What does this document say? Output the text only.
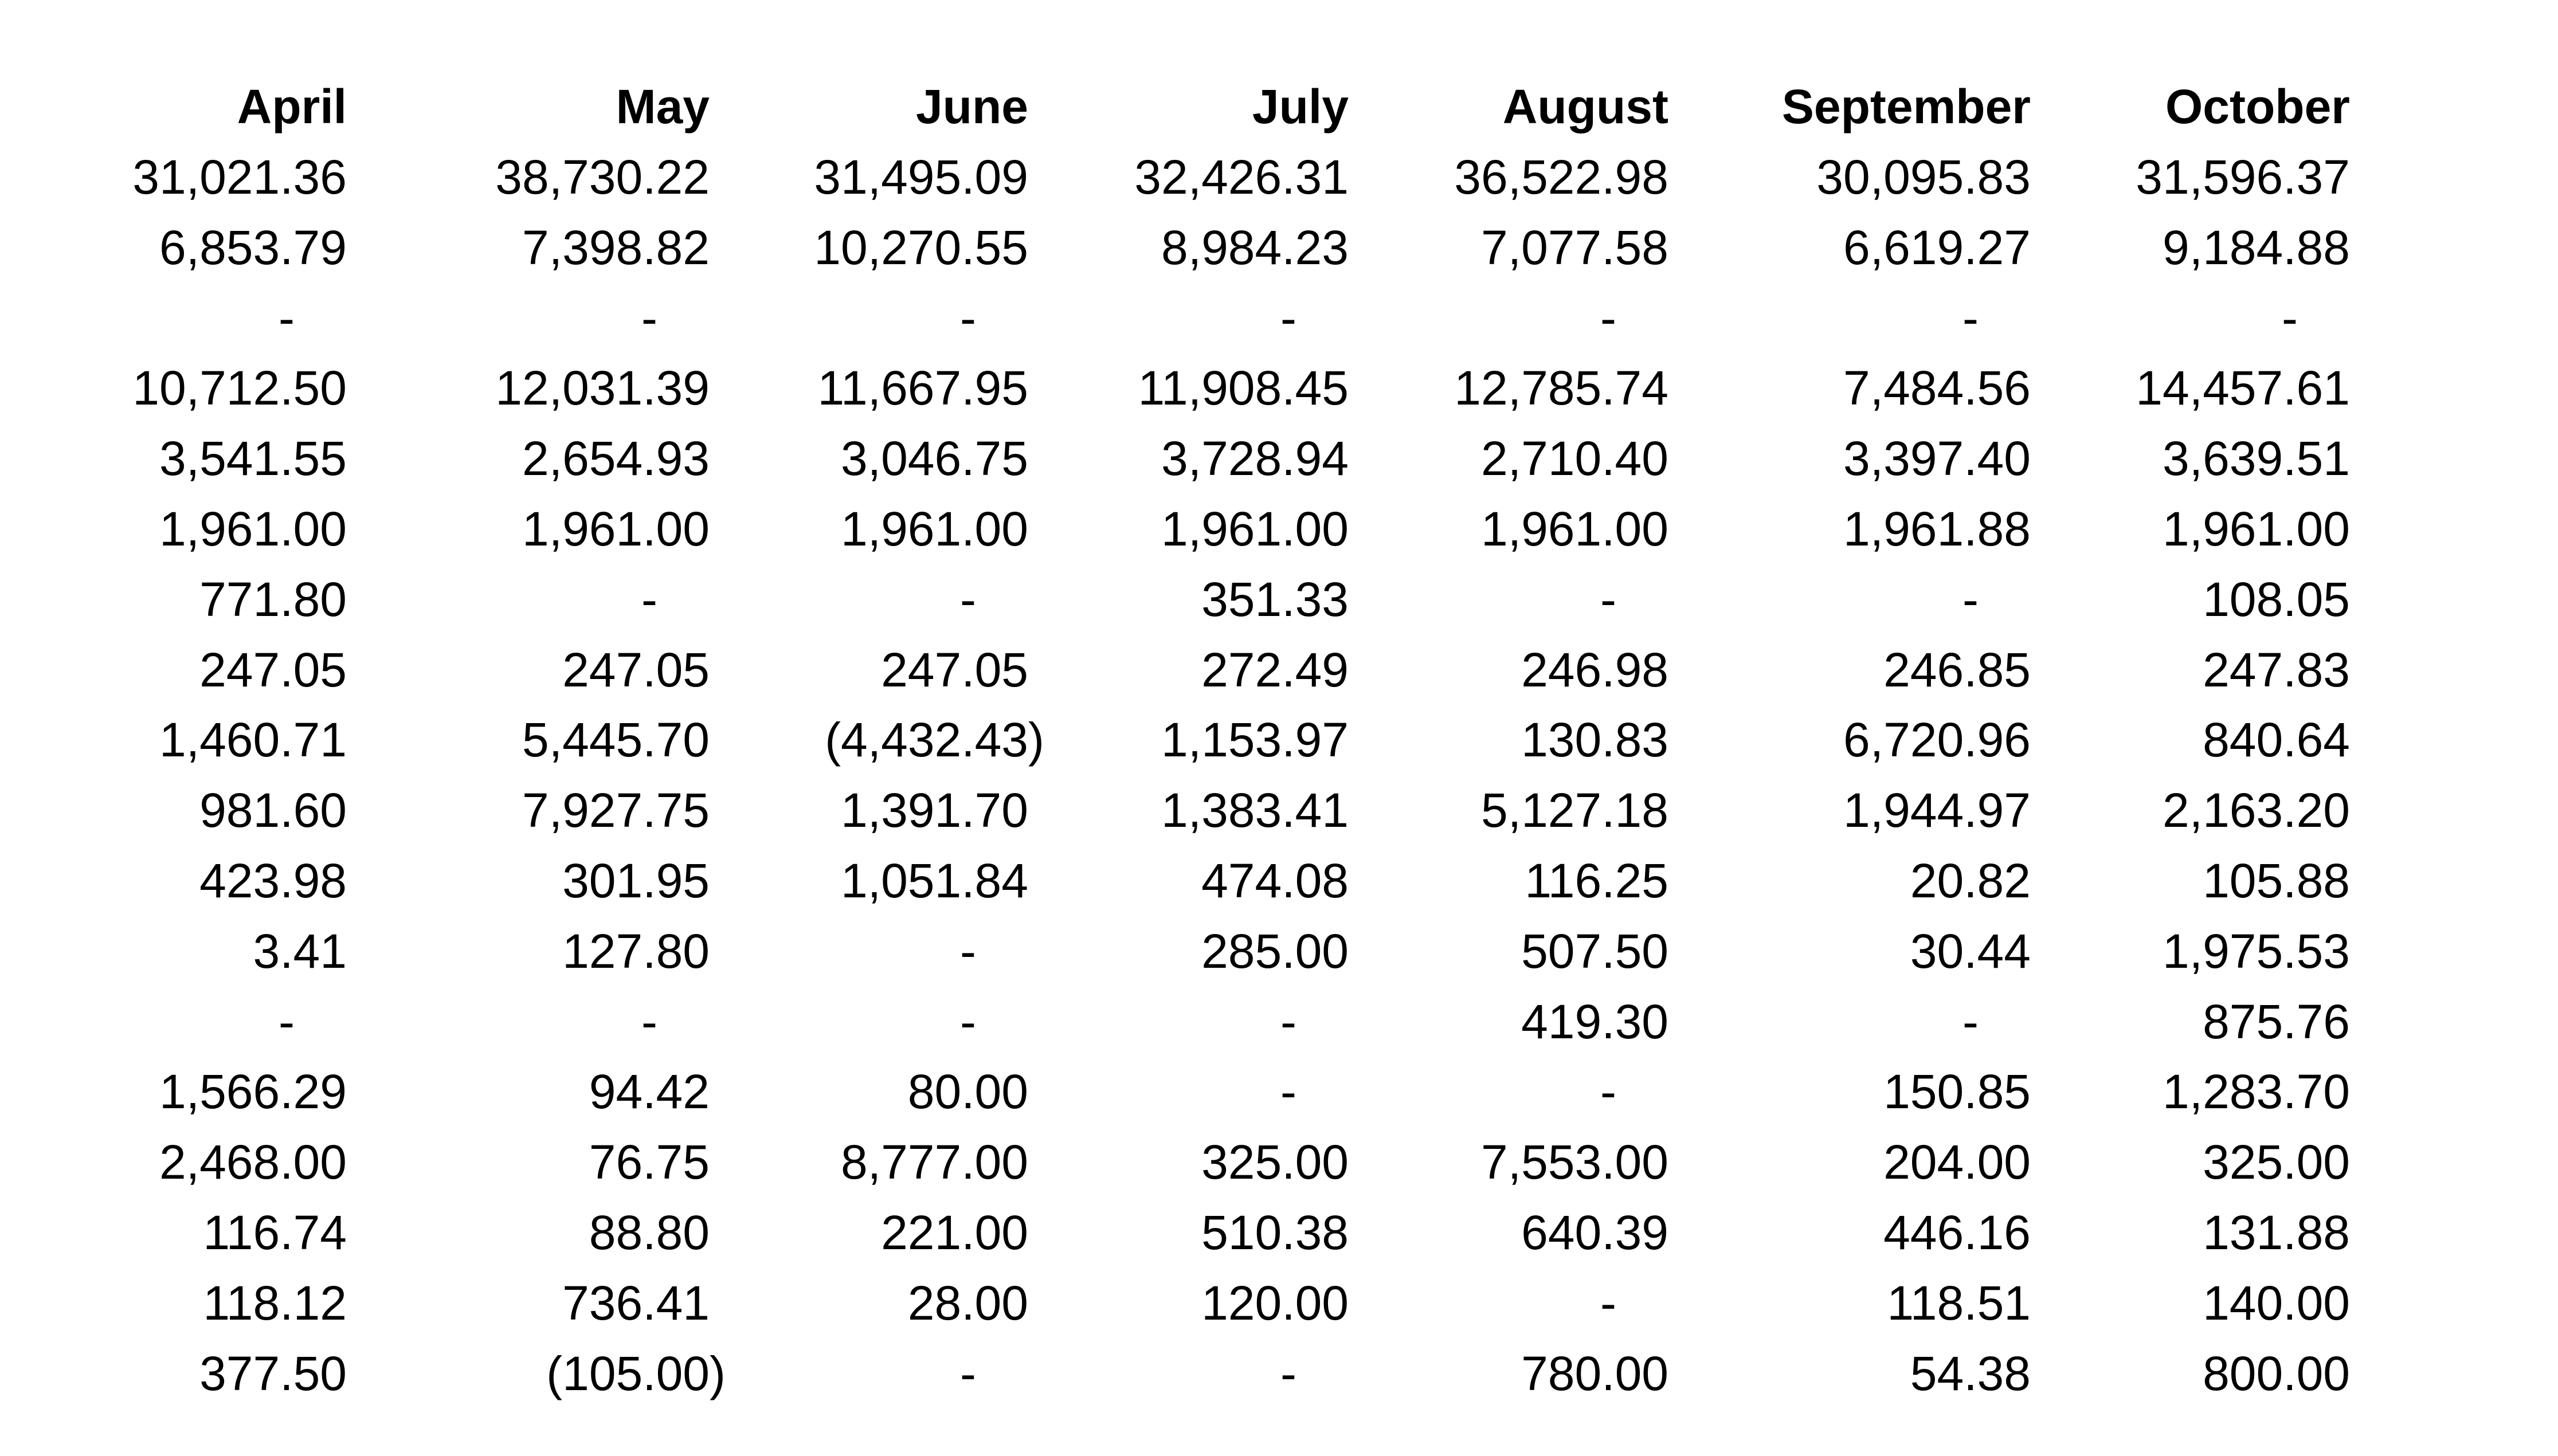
April	May	June	July	August	September	October
31,021.36	38,730.22	31,495.09	32,426.31	36,522.98	30,095.83	31,596.37
6,853.79	7,398.82	10,270.55	8,984.23	7,077.58	6,619.27	9,184.88
-	-	-	-	-	-	-
10,712.50	12,031.39	11,667.95	11,908.45	12,785.74	7,484.56	14,457.61
3,541.55	2,654.93	3,046.75	3,728.94	2,710.40	3,397.40	3,639.51
1,961.00	1,961.00	1,961.00	1,961.00	1,961.00	1,961.88	1,961.00
771.80	-	-	351.33	-	-	108.05
247.05	247.05	247.05	272.49	246.98	246.85	247.83
1,460.71	5,445.70	(4,432.43)	1,153.97	130.83	6,720.96	840.64
981.60	7,927.75	1,391.70	1,383.41	5,127.18	1,944.97	2,163.20
423.98	301.95	1,051.84	474.08	116.25	20.82	105.88
3.41	127.80	-	285.00	507.50	30.44	1,975.53
-	-	-	-	419.30	-	875.76
1,566.29	94.42	80.00	-	-	150.85	1,283.70
2,468.00	76.75	8,777.00	325.00	7,553.00	204.00	325.00
116.74	88.80	221.00	510.38	640.39	446.16	131.88
118.12	736.41	28.00	120.00	-	118.51	140.00
377.50	(105.00)	-	-	780.00	54.38	800.00
